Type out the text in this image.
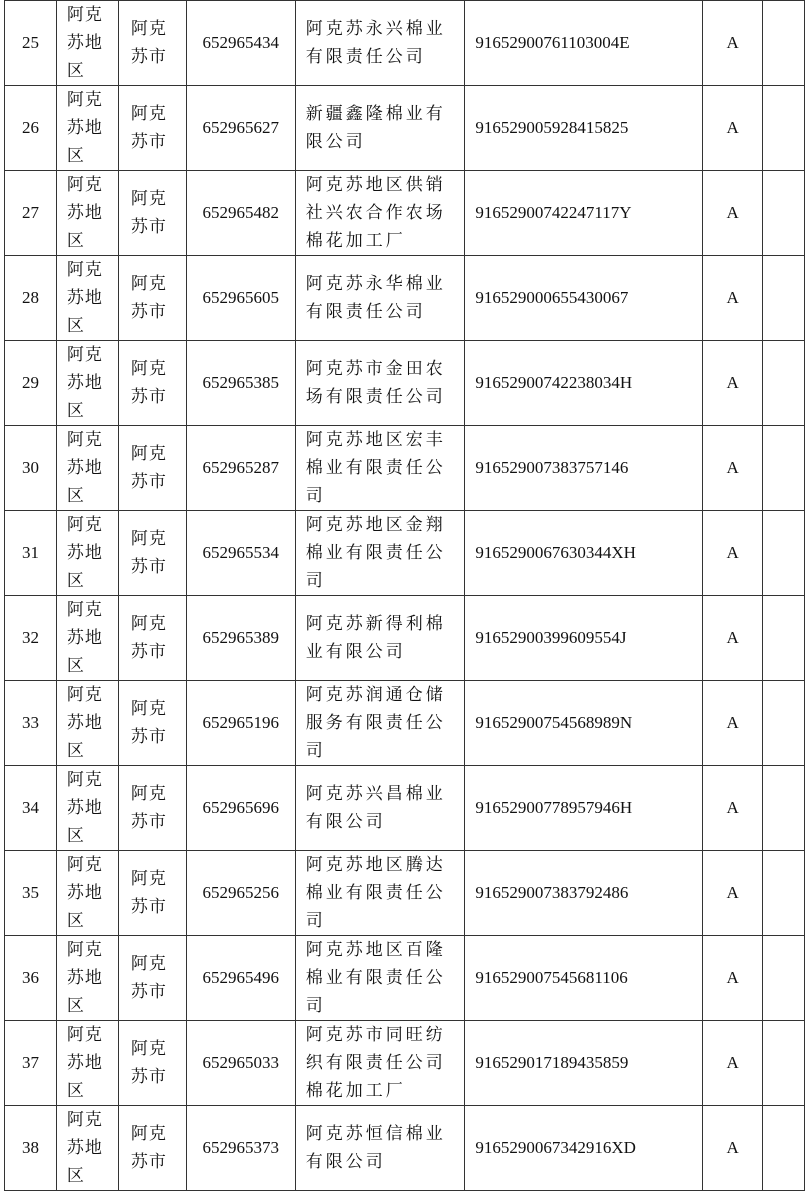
25	阿克苏地区	阿克苏市	652965434	阿克苏永兴棉业有限责任公司	91652900761103004E	A	
26	阿克苏地区	阿克苏市	652965627	新疆鑫隆棉业有限公司	916529005928415825	A	
27	阿克苏地区	阿克苏市	652965482	阿克苏地区供销社兴农合作农场棉花加工厂	91652900742247117Y	A	
28	阿克苏地区	阿克苏市	652965605	阿克苏永华棉业有限责任公司	916529000655430067	A	
29	阿克苏地区	阿克苏市	652965385	阿克苏市金田农场有限责任公司	91652900742238034H	A	
30	阿克苏地区	阿克苏市	652965287	阿克苏地区宏丰棉业有限责任公司	916529007383757146	A	
31	阿克苏地区	阿克苏市	652965534	阿克苏地区金翔棉业有限责任公司	9165290067630344XH	A	
32	阿克苏地区	阿克苏市	652965389	阿克苏新得利棉业有限公司	91652900399609554J	A	
33	阿克苏地区	阿克苏市	652965196	阿克苏润通仓储服务有限责任公司	91652900754568989N	A	
34	阿克苏地区	阿克苏市	652965696	阿克苏兴昌棉业有限公司	91652900778957946H	A	
35	阿克苏地区	阿克苏市	652965256	阿克苏地区腾达棉业有限责任公司	916529007383792486	A	
36	阿克苏地区	阿克苏市	652965496	阿克苏地区百隆棉业有限责任公司	916529007545681106	A	
37	阿克苏地区	阿克苏市	652965033	阿克苏市同旺纺织有限责任公司棉花加工厂	916529017189435859	A	
38	阿克苏地区	阿克苏市	652965373	阿克苏恒信棉业有限公司	9165290067342916XD	A	
